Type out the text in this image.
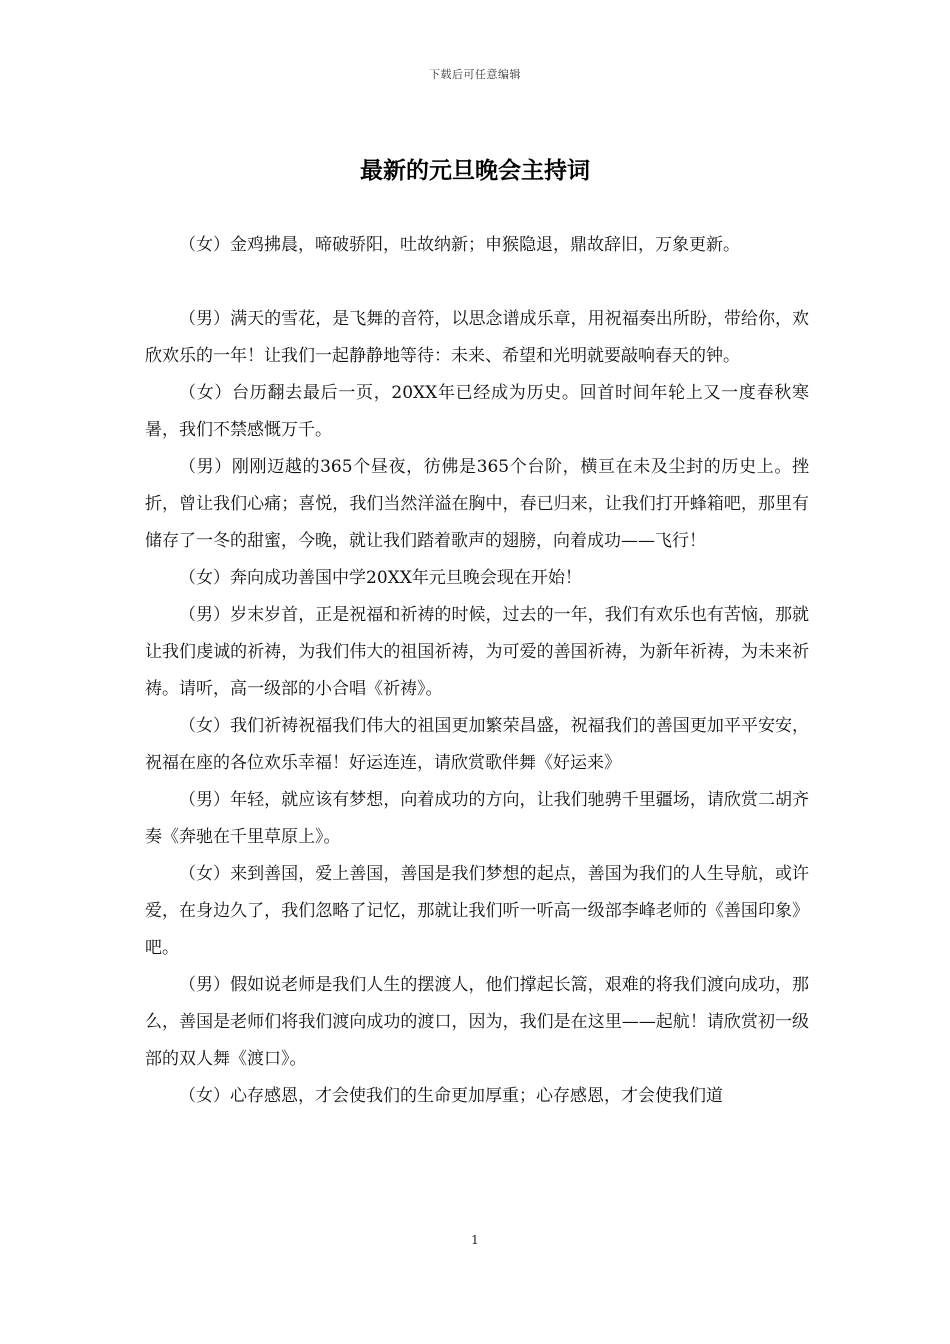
下载后可任意编辑
最新的元旦晚会主持词

（女）金鸡拂晨，啼破骄阳，吐故纳新；申猴隐退，鼎故辞旧，万象更新。

（男）满天的雪花，是飞舞的音符，以思念谱成乐章，用祝福奏出所盼，带给你，欢欣欢乐的一年！让我们一起静静地等待：未来、希望和光明就要敲响春天的钟。

（女）台历翻去最后一页，20XX年已经成为历史。回首时间年轮上又一度春秋寒暑，我们不禁感慨万千。

（男）刚刚迈越的365个昼夜，彷佛是365个台阶，横亘在未及尘封的历史上。挫折，曾让我们心痛；喜悦，我们当然洋溢在胸中，春已归来，让我们打开蜂箱吧，那里有储存了一冬的甜蜜，今晚，就让我们踏着歌声的翅膀，向着成功——飞行！

（女）奔向成功善国中学20XX年元旦晚会现在开始！

（男）岁末岁首，正是祝福和祈祷的时候，过去的一年，我们有欢乐也有苦恼，那就让我们虔诚的祈祷，为我们伟大的祖国祈祷，为可爱的善国祈祷，为新年祈祷，为未来祈祷。请听，高一级部的小合唱《祈祷》。

（女）我们祈祷祝福我们伟大的祖国更加繁荣昌盛，祝福我们的善国更加平平安安，祝福在座的各位欢乐幸福！好运连连，请欣赏歌伴舞《好运来》

（男）年轻，就应该有梦想，向着成功的方向，让我们驰骋千里疆场，请欣赏二胡齐奏《奔驰在千里草原上》。

（女）来到善国，爱上善国，善国是我们梦想的起点，善国为我们的人生导航，或许爱，在身边久了，我们忽略了记忆，那就让我们听一听高一级部李峰老师的《善国印象》吧。

（男）假如说老师是我们人生的摆渡人，他们撑起长篙，艰难的将我们渡向成功，那么，善国是老师们将我们渡向成功的渡口，因为，我们是在这里——起航！请欣赏初一级部的双人舞《渡口》。

（女）心存感恩，才会使我们的生命更加厚重；心存感恩，才会使我们道

1
